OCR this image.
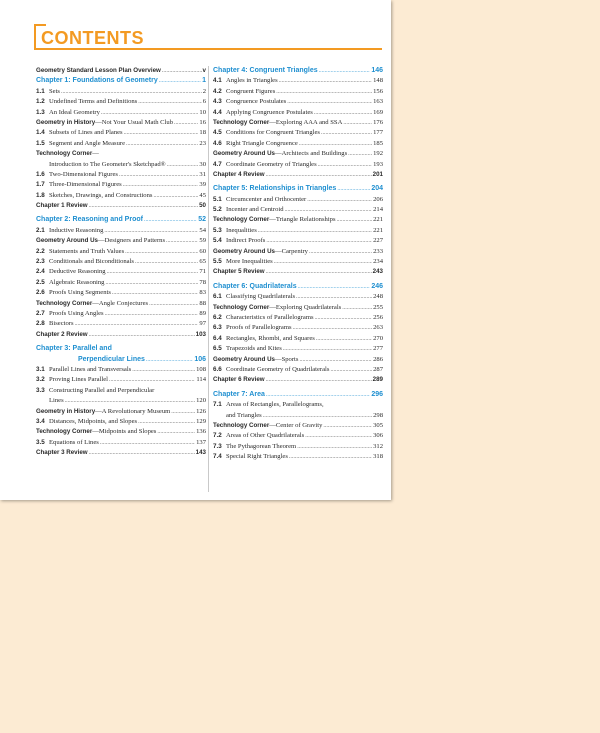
CONTENTS
Geometry Standard Lesson Plan Overview .....	v
Chapter 1: Foundations of Geometry .....	1
1.1 Sets .....	2
1.2 Undefined Terms and Definitions .....	6
1.3 An Ideal Geometry .....	10
Geometry in History—Not Your Usual Math Club .....	16
1.4 Subsets of Lines and Planes .....	18
1.5 Segment and Angle Measure .....	23
Technology Corner—
Introduction to The Geometer's Sketchpad® .....	30
1.6 Two-Dimensional Figures .....	31
1.7 Three-Dimensional Figures .....	39
1.8 Sketches, Drawings, and Constructions .....	45
Chapter 1 Review .....	50
Chapter 2: Reasoning and Proof .....	52
2.1 Inductive Reasoning .....	54
Geometry Around Us—Designers and Patterns .....	59
2.2 Statements and Truth Values .....	60
2.3 Conditionals and Biconditionals .....	65
2.4 Deductive Reasoning .....	71
2.5 Algebraic Reasoning .....	78
2.6 Proofs Using Segments .....	83
Technology Corner—Angle Conjectures .....	88
2.7 Proofs Using Angles .....	89
2.8 Bisectors .....	97
Chapter 2 Review .....	103
Chapter 3: Parallel and
Perpendicular Lines .....	106
3.1 Parallel Lines and Transversals .....	108
3.2 Proving Lines Parallel .....	114
3.3 Constructing Parallel and Perpendicular
Lines .....	120
Geometry in History—A Revolutionary Museum .....	126
3.4 Distances, Midpoints, and Slopes .....	129
Technology Corner—Midpoints and Slopes .....	136
3.5 Equations of Lines .....	137
Chapter 3 Review .....	143
Chapter 4: Congruent Triangles .....	146
4.1 Angles in Triangles .....	148
4.2 Congruent Figures .....	156
4.3 Congruence Postulates .....	163
4.4 Applying Congruence Postulates .....	169
Technology Corner—Exploring AAA and SSA .....	176
4.5 Conditions for Congruent Triangles .....	177
4.6 Right Triangle Congruence .....	185
Geometry Around Us—Architects and Buildings .....	192
4.7 Coordinate Geometry of Triangles .....	193
Chapter 4 Review .....	201
Chapter 5: Relationships in Triangles .....	204
5.1 Circumcenter and Orthocenter .....	206
5.2 Incenter and Centroid .....	214
Technology Corner—Triangle Relationships .....	221
5.3 Inequalities .....	221
5.4 Indirect Proofs .....	227
Geometry Around Us—Carpentry .....	233
5.5 More Inequalities .....	234
Chapter 5 Review .....	243
Chapter 6: Quadrilaterals .....	246
6.1 Classifying Quadrilaterals .....	248
Technology Corner—Exploring Quadrilaterals .....	255
6.2 Characteristics of Parallelograms .....	256
6.3 Proofs of Parallelograms .....	263
6.4 Rectangles, Rhombi, and Squares .....	270
6.5 Trapezoids and Kites .....	277
Geometry Around Us—Sports .....	286
6.6 Coordinate Geometry of Quadrilaterals .....	287
Chapter 6 Review .....	289
Chapter 7: Area .....	296
7.1 Areas of Rectangles, Parallelograms,
and Triangles .....	298
Technology Corner—Center of Gravity .....	305
7.2 Areas of Other Quadrilaterals .....	306
7.3 The Pythagorean Theorem .....	312
7.4 Special Right Triangles .....	318
